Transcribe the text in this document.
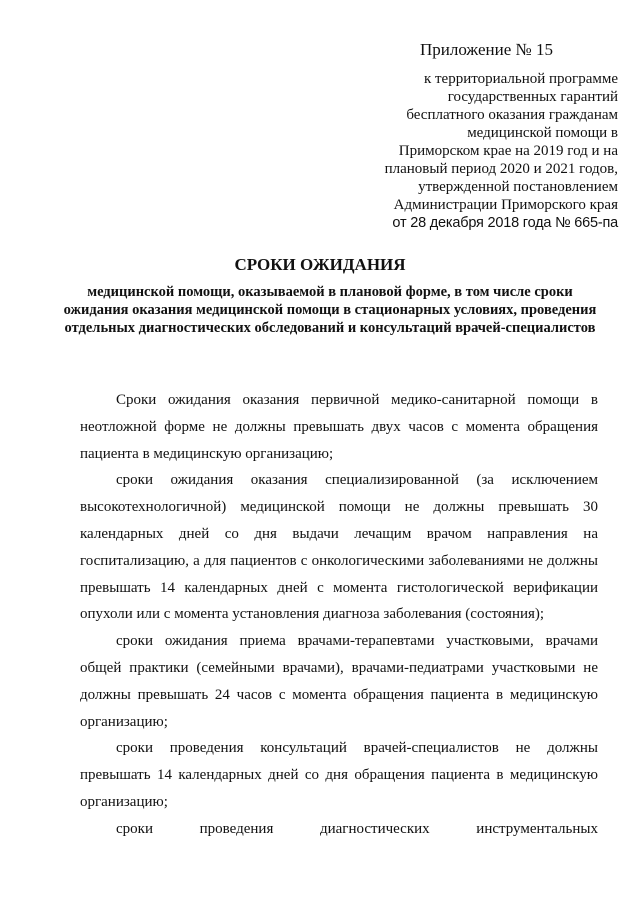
Приложение № 15
к территориальной программе
государственных гарантий
бесплатного оказания гражданам
медицинской помощи в
Приморском крае на 2019 год и на
плановый период 2020 и 2021 годов,
утвержденной постановлением
Администрации Приморского края
от 28 декабря 2018 года № 665-па
СРОКИ ОЖИДАНИЯ
медицинской помощи, оказываемой в плановой форме, в том числе сроки ожидания оказания медицинской помощи в стационарных условиях, проведения отдельных диагностических обследований и консультаций врачей-специалистов

Сроки ожидания оказания первичной медико-санитарной помощи в неотложной форме не должны превышать двух часов с момента обращения пациента в медицинскую организацию;

сроки ожидания оказания специализированной (за исключением высокотехнологичной) медицинской помощи не должны превышать 30 календарных дней со дня выдачи лечащим врачом направления на госпитализацию, а для пациентов с онкологическими заболеваниями не должны превышать 14 календарных дней с момента гистологической верификации опухоли или с момента установления диагноза заболевания (состояния);

сроки ожидания приема врачами-терапевтами участковыми, врачами общей практики (семейными врачами), врачами-педиатрами участковыми не должны превышать 24 часов с момента обращения пациента в медицинскую организацию;

сроки проведения консультаций врачей-специалистов не должны превышать 14 календарных дней со дня обращения пациента в медицинскую организацию;

сроки проведения диагностических инструментальных
